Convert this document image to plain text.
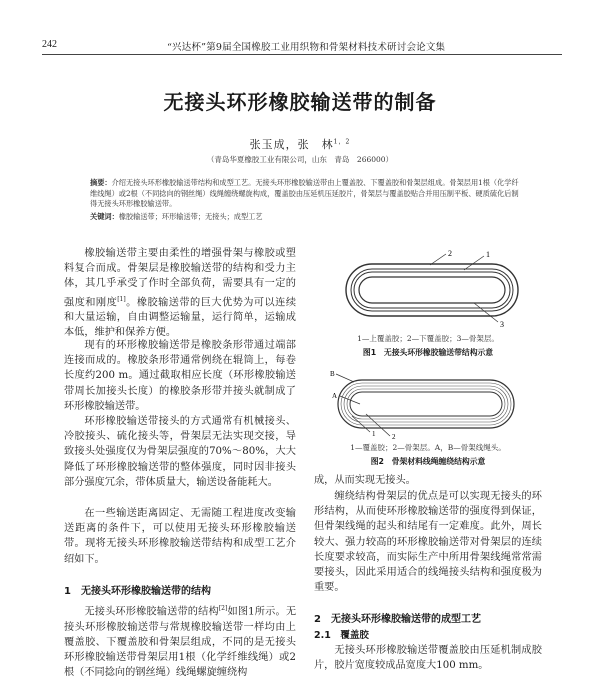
242	“兴达杯”第9届全国橡胶工业用织物和骨架材料技术研讨会论文集
无接头环形橡胶输送带的制备
张玉成，张　林$^{1,2}$
（青岛华夏橡胶工业有限公司，山东　青岛　266000）
摘要：介绍无接头环形橡胶输送带结构和成型工艺。无接头环形橡胶输送带由上覆盖胶、下覆盖胶和骨架层组成。骨架层用1根（化学纤维线绳）或2根（不同捻向的钢丝绳）线绳缠绕螺旋构成，覆盖胶由压延机压延胶片，骨架层与覆盖胶贴合并用压制平板、硬质硫化后制得无接头环形橡胶输送带。
关键词：橡胶输送带；环形输送带；无接头；成型工艺
橡胶输送带主要由柔性的增强骨架与橡胶或塑料复合而成。骨架层是橡胶输送带的结构和受力主体，其几乎承受了作时全部负荷，需要具有一定的强度和刚度[1]。橡胶输送带的巨大优势为可以连续和大量运输，自由调整运输量，运行简单，运输成本低，维护和保养方便。
现有的环形橡胶输送带是橡胶条形带通过端部连接而成的。橡胶条形带通常例绕在辊筒上，每卷长度约200 m。通过截取相应长度（环形橡胶输送带周长加接头长度）的橡胶条形带并接头就制成了环形橡胶输送带。
环形橡胶输送带接头的方式通常有机械接头、冷胶接头、硫化接头等，骨架层无法实现交接，导致接头处强度仅为骨架层强度的70%～80%，大大降低了环形橡胶输送带的整体强度，同时因非接头部分强度冗余，带体质量大，输送设备能耗大。
在一些输送距离固定、无需随工程进度改变输送距离的条件下，可以使用无接头环形橡胶输送带。现将无接头环形橡胶输送带结构和成型工艺介绍如下。
1　无接头环形橡胶输送带的结构
无接头环形橡胶输送带的结构[2]如图1所示。无接头环形橡胶输送带与常规橡胶输送带一样均由上覆盖胶、下覆盖胶和骨架层组成，不同的是无接头环形橡胶输送带骨架层用1根（化学纤维线绳）或2根（不同捻向的钢丝绳）线绳螺旋缠绕构
2	1
3
1—上覆盖胶；2—下覆盖胶；3—骨架层。
图1　无接头环形橡胶输送带结构示意
B
A
1 2
1—覆盖胶；2—骨架层。A，B—骨架线绳头。
图2　骨架材料线绳缠绕结构示意
成，从而实现无接头。
缠绕结构骨架层的优点是可以实现无接头的环形结构，从而使环形橡胶输送带的强度得到保证，但骨架线绳的起头和结尾有一定难度。此外，周长较大、强力较高的环形橡胶输送带对骨架层的连续长度要求较高，而实际生产中所用骨架线绳常常需要接头，因此采用适合的线绳接头结构和强度极为重要。
2　无接头环形橡胶输送带的成型工艺
2.1　覆盖胶
无接头环形橡胶输送带覆盖胶由压延机制成胶片，胶片宽度较成品宽度大100 mm。
